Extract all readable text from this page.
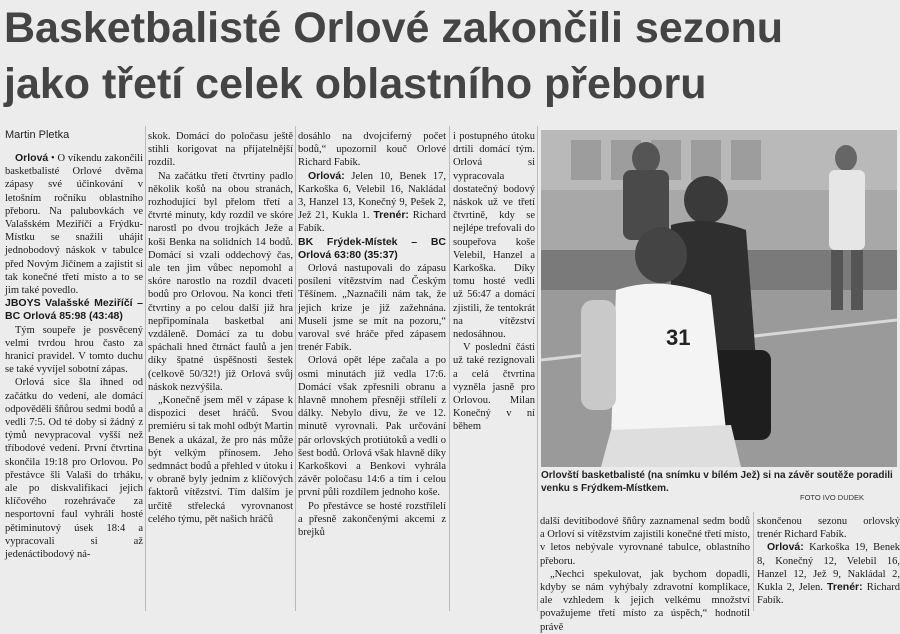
Basketbalisté Orlové zakončili sezonu
jako třetí celek oblastního přeboru
Martin Pletka

Orlová • O víkendu zakončili basketbalisté Orlové dvěma zápasy své účinkování v letošním ročníku oblastního přeboru. Na palubovkách ve Valašském Meziříčí a Frýdku-Místku se snažili uhájit jednobodový náskok v tabulce před Novým Jičínem a zajistit si tak konečné třetí místo a to se jim také povedlo.

JBOYS Valašské Meziříčí – BC Orlová 85:98 (43:48)

Tým soupeře je posvěcený velmi tvrdou hrou často za hranicí pravidel. V tomto duchu se také vyvíjel sobotní zápas.

Orlová sice šla ihned od začátku do vedení, ale domácí odpověděli šňůrou sedmi bodů a vedli 7:5. Od té doby si žádný z týmů nevypracoval vyšší než tříbodové vedení. První čtvrtina skončila 19:18 pro Orlovou. Po přestávce šli Valaši do trháku, ale po diskvalifikaci jejich klíčového rozehrávače za nesportovní faul vyhráli hosté pětiminutový úsek 18:4 a vypracovali si až jedenáctibodový ná-

skok. Domácí do poločasu ještě stihli korigovat na příjatelnější rozdíl.

Na začátku třetí čtvrtiny padlo několik košů na obou stranách, rozhodující byl přelom třetí a čtvrté minuty, kdy rozdíl ve skóre narostl po dvou trojkách Ježe a koši Benka na solidních 14 bodů. Domácí si vzali oddechový čas, ale ten jim vůbec nepomohl a skóre narostlo na rozdíl dvaceti bodů pro Orlovou. Na konci třetí čtvrtiny a po celou další již hra nepřipomínala basketbal ani vzdáleně. Domácí za tu dobu spáchali hned čtrnáct faulů a jen díky špatné úspěšnosti šestek (celkově 50/32!) již Orlová svůj náskok nezvýšila.

„Konečně jsem měl v zápase k dispozici deset hráčů. Svou premiéru si tak mohl odbýt Martin Benek a ukázal, že pro nás může být velkým přínosem. Jeho sedmnáct bodů a přehled v útoku i v obraně byly jedním z klíčových faktorů vítězství. Tím dalším je určitě střelecká vyrovnanost celého týmu, pět našich hráčů

dosáhlo na dvojciferný počet bodů,“ upozornil kouč Orlové Richard Fabík.

Orlová: Jelen 10, Benek 17, Karkoška 6, Velebil 16, Nakládal 3, Hanzel 13, Konečný 9, Pešek 2, Jež 21, Kukla 1. Trenér: Richard Fabík.

BK Frýdek-Místek – BC Orlová 63:80 (35:37)

Orlová nastupovali do zápasu posíleni vítězstvím nad Českým Těšínem. „Naznačili nám tak, že jejich krize je již zažehnána. Museli jsme se mít na pozoru,“ varoval své hráče před zápasem trenér Fabík.

Orlová opět lépe začala a po osmi minutách již vedla 17:6. Domácí však zpřesnili obranu a hlavně mnohem přesněji střílelí z dálky. Nebylo divu, že ve 12. minutě vyrovnali. Pak určování pár orlovských protiútoků a vedli o šest bodů. Orlová však hlavně díky Karkoškovi a Benkovi vyhrála závěr poločasu 14:6 a tím i celou první půli rozdílem jednoho koše.

Po přestávce se hosté rozstřílelí a přesně zakončenými akcemi z brejků

i postupného útoku drtili domácí tým. Orlová si vypracovala dostatečný bodový náskok už ve třetí čtvrtině, kdy se nejlépe trefovali do soupeřova koše Velebil, Hanzel a Karkoška. Díky tomu hosté vedli už 56:47 a domácí zjistili, že tentokrát na vítězství nedosáhnou.

V poslední části už také rezignovali a celá čtvrtina vyzněla jasně pro Orlovou. Milan Konečný v ní během

další devítibodové šňůry zaznamenal sedm bodů a Orloví si vítězstvím zajistili konečné třetí místo, v letos nebývale vyrovnané tabulce, oblastního přeboru.

„Nechci spekulovat, jak bychom dopadli, kdyby se nám vyhýbaly zdravotní komplikace, ale vzhledem k jejich velkému množství považujeme třetí místo za úspěch,“ hodnotil právě

skončenou sezonu orlovský trenér Richard Fabík.

Orlová: Karkoška 19, Benek 8, Konečný 12, Velebil 16, Hanzel 12, Jež 9, Nakládal 2, Kukla 2, Jelen. Trenér: Richard Fabík.

31
Orlovští basketbalisté (na snímku v bílém Jež) si na závěr soutěže poradili venku s Frýdkem-Místkem.
FOTO IVO DUDEK
